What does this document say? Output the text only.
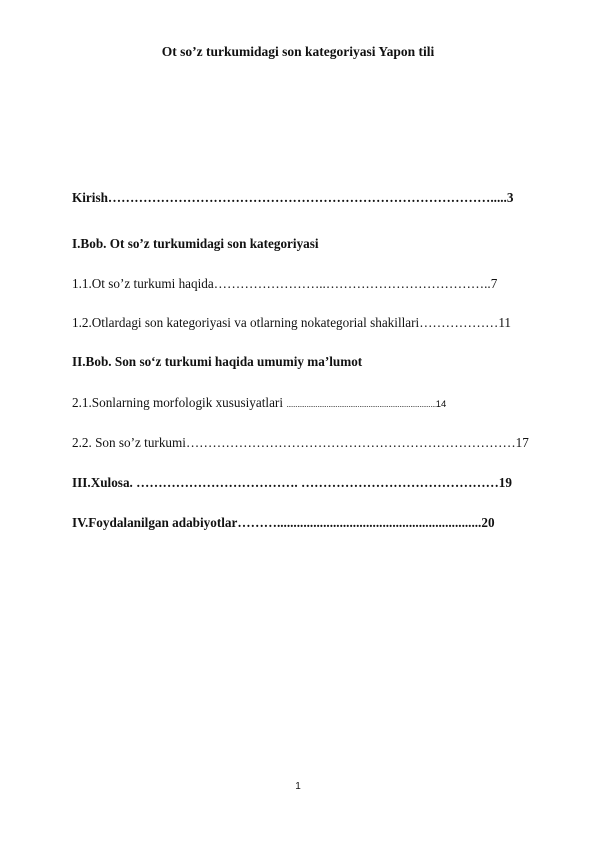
Ot so’z turkumidagi son kategoriyasi Yapon tili
Kirish…………………………………………………………………………….....3
I.Bob. Ot so’z turkumidagi son kategoriyasi
1.1.Ot so’z turkumi haqida……………………..………………………………..7
1.2.Otlardagi son kategoriyasi va otlarning nokategorial shakillari………………11
II.Bob. Son so‘z turkumi haqida umumiy ma’lumot
2.1.Sonlarning morfologik xususiyatlari ..................................................................................14
2.2. Son so’z turkumi…………………………………………………………………17
III.Xulosa. ………………………………. ………………………………………19
IV.Foydalanilgan adabiyotlar………..............................................................20
1
